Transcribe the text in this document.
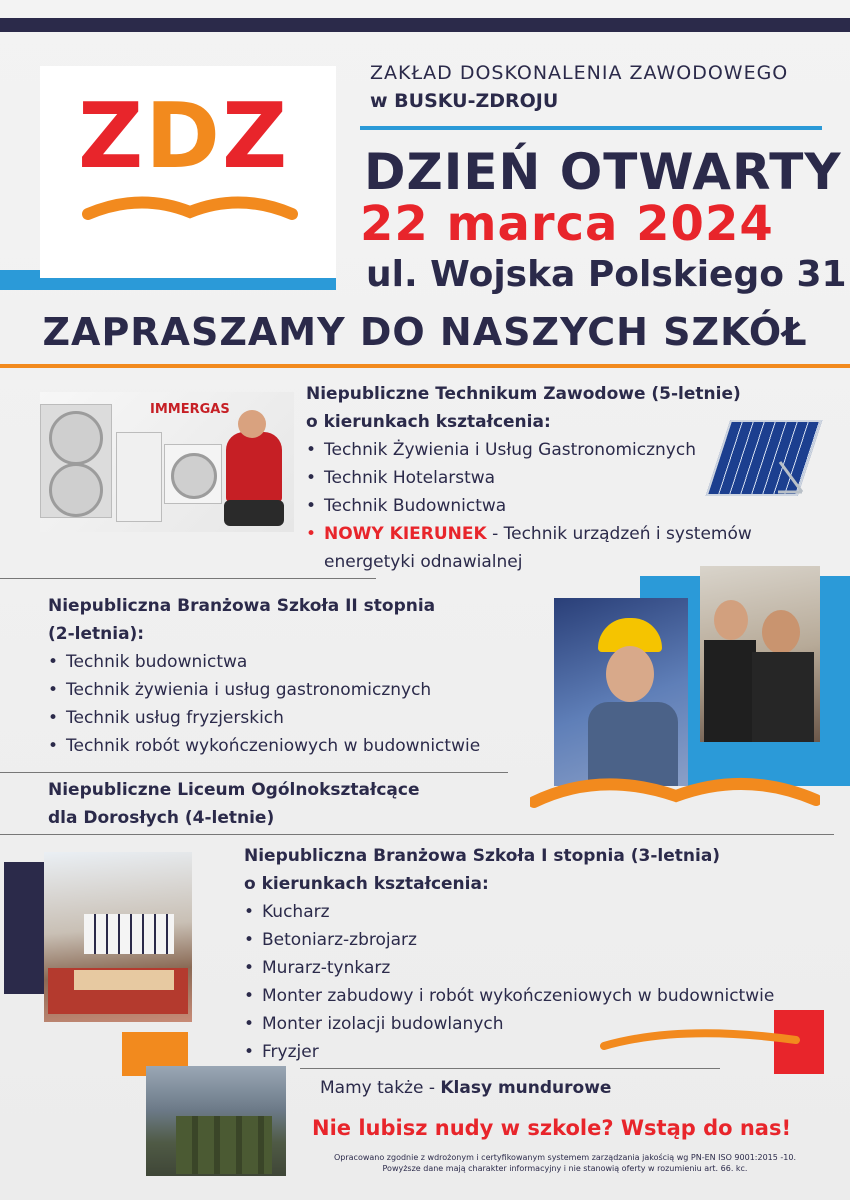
ZDZ
ZAKŁAD DOSKONALENIA ZAWODOWEGO
w BUSKU-ZDROJU
DZIEŃ OTWARTY
22 marca 2024
ul. Wojska Polskiego 31
ZAPRASZAMY DO NASZYCH SZKÓŁ
IMMERGAS
Niepubliczne Technikum Zawodowe (5-letnie)
o kierunkach kształcenia:
• Technik Żywienia i Usług Gastronomicznych
• Technik Hotelarstwa
• Technik Budownictwa
• NOWY KIERUNEK - Technik urządzeń i systemów
energetyki odnawialnej
Niepubliczna Branżowa Szkoła II stopnia
(2-letnia):
• Technik budownictwa
• Technik żywienia i usług gastronomicznych
• Technik usług fryzjerskich
• Technik robót wykończeniowych w budownictwie
Niepubliczne Liceum Ogólnokształcące
dla Dorosłych (4-letnie)
Niepubliczna Branżowa Szkoła I stopnia (3-letnia)
o kierunkach kształcenia:
• Kucharz
• Betoniarz-zbrojarz
• Murarz-tynkarz
• Monter zabudowy i robót wykończeniowych w budownictwie
• Monter izolacji budowlanych
• Fryzjer
Mamy także - Klasy mundurowe
Nie lubisz nudy w szkole? Wstąp do nas!
Opracowano zgodnie z wdrożonym i certyfikowanym systemem zarządzania jakością wg PN-EN ISO 9001:2015 -10.
Powyższe dane mają charakter informacyjny i nie stanowią oferty w rozumieniu art. 66. kc.
